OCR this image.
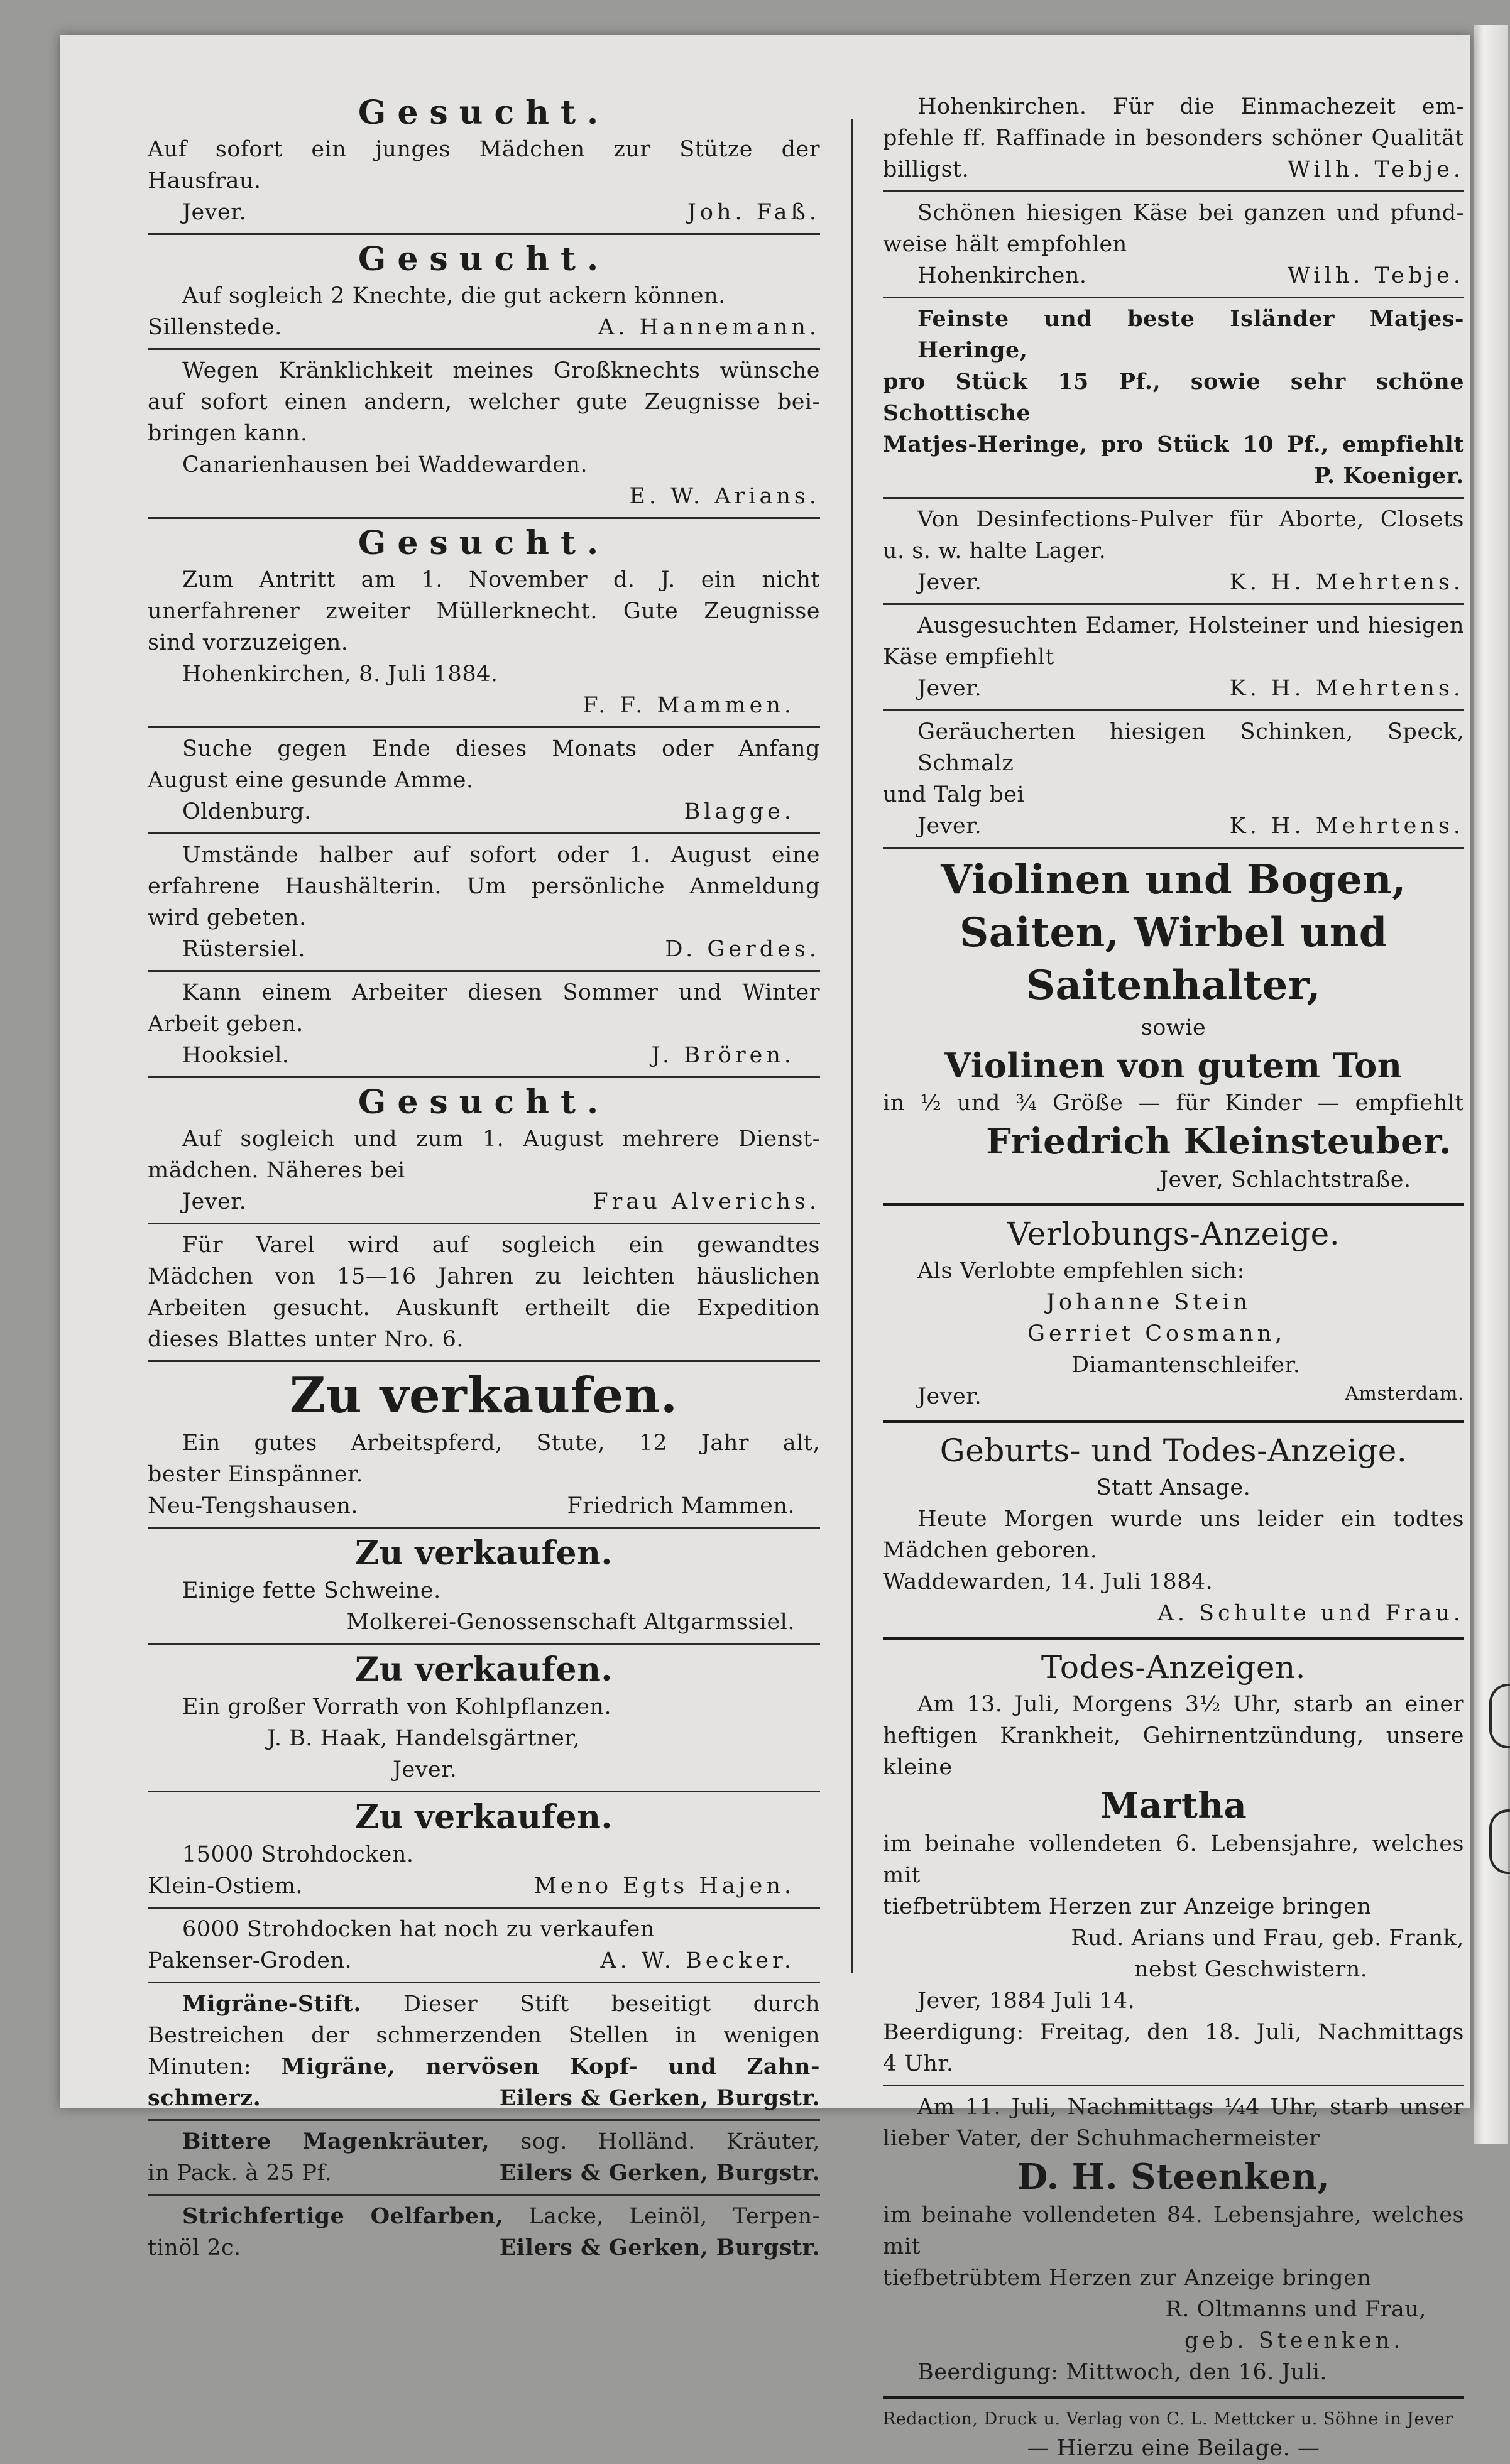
Gesucht.

Auf sofort ein junges Mädchen zur Stütze der

Hausfrau.

Jever.	Joh. Faß.
Gesucht.

Auf sogleich 2 Knechte, die gut ackern können.

Sillenstede.	A. Hannemann.

Wegen Kränklichkeit meines Großknechts wünsche

auf sofort einen andern, welcher gute Zeugnisse bei-

bringen kann.

Canarienhausen bei Waddewarden.

E. W. Arians.

Gesucht.

Zum Antritt am 1. November d. J. ein nicht

unerfahrener zweiter Müllerknecht. Gute Zeugnisse

sind vorzuzeigen.

Hohenkirchen, 8. Juli 1884.

F. F. Mammen.

Suche gegen Ende dieses Monats oder Anfang

August eine gesunde Amme.

Oldenburg.	Blagge.

Umstände halber auf sofort oder 1. August eine

erfahrene Haushälterin. Um persönliche Anmeldung

wird gebeten.

Rüstersiel.	D. Gerdes.

Kann einem Arbeiter diesen Sommer und Winter

Arbeit geben.

Hooksiel.	J. Brören.
Gesucht.

Auf sogleich und zum 1. August mehrere Dienst-

mädchen. Näheres bei

Jever.	Frau Alverichs.

Für Varel wird auf sogleich ein gewandtes

Mädchen von 15—16 Jahren zu leichten häuslichen

Arbeiten gesucht. Auskunft ertheilt die Expedition

dieses Blattes unter Nro. 6.

Zu verkaufen.

Ein gutes Arbeitspferd, Stute, 12 Jahr alt,

bester Einspänner.

Neu-Tengshausen.	Friedrich Mammen.
Zu verkaufen.

Einige fette Schweine.

Molkerei-Genossenschaft Altgarmssiel.

Zu verkaufen.

Ein großer Vorrath von Kohlpflanzen.

J. B. Haak, Handelsgärtner,

Jever.

Zu verkaufen.

15000 Strohdocken.

Klein-Ostiem.	Meno Egts Hajen.

6000 Strohdocken hat noch zu verkaufen

Pakenser-Groden.	A. W. Becker.

Migräne-Stift. Dieser Stift beseitigt durch

Bestreichen der schmerzenden Stellen in wenigen

Minuten: Migräne, nervösen Kopf- und Zahn-

schmerz.	Eilers & Gerken, Burgstr.

Bittere Magenkräuter, sog. Holländ. Kräuter,

in Pack. à 25 Pf.	Eilers & Gerken, Burgstr.

Strichfertige Oelfarben, Lacke, Leinöl, Terpen-

tinöl 2c.	Eilers & Gerken, Burgstr.

Hohenkirchen. Für die Einmachezeit em-

pfehle ff. Raffinade in besonders schöner Qualität

billigst.	Wilh. Tebje.

Schönen hiesigen Käse bei ganzen und pfund-

weise hält empfohlen

Hohenkirchen.	Wilh. Tebje.

Feinste und beste Isländer Matjes-Heringe,

pro Stück 15 Pf., sowie sehr schöne Schottische

Matjes-Heringe, pro Stück 10 Pf., empfiehlt

P. Koeniger.

Von Desinfections-Pulver für Aborte, Closets

u. s. w. halte Lager.

Jever.	K. H. Mehrtens.

Ausgesuchten Edamer, Holsteiner und hiesigen

Käse empfiehlt

Jever.	K. H. Mehrtens.

Geräucherten hiesigen Schinken, Speck, Schmalz

und Talg bei

Jever.	K. H. Mehrtens.
Violinen und Bogen,
Saiten, Wirbel und Saitenhalter,

sowie

Violinen von gutem Ton

in ½ und ¾ Größe — für Kinder — empfiehlt

Friedrich Kleinsteuber.

Jever, Schlachtstraße.

Verlobungs-Anzeige.

Als Verlobte empfehlen sich:

Johanne Stein

Gerriet Cosmann,

Diamantenschleifer.

Jever.	Amsterdam.
Geburts- und Todes-Anzeige.

Statt Ansage.

Heute Morgen wurde uns leider ein todtes

Mädchen geboren.

Waddewarden, 14. Juli 1884.

A. Schulte und Frau.

Todes-Anzeigen.

Am 13. Juli, Morgens 3½ Uhr, starb an einer

heftigen Krankheit, Gehirnentzündung, unsere kleine

Martha

im beinahe vollendeten 6. Lebensjahre, welches mit

tiefbetrübtem Herzen zur Anzeige bringen

Rud. Arians und Frau, geb. Frank,

nebst Geschwistern.

Jever, 1884 Juli 14.

Beerdigung: Freitag, den 18. Juli, Nachmittags

4 Uhr.

Am 11. Juli, Nachmittags ¼4 Uhr, starb unser

lieber Vater, der Schuhmachermeister

D. H. Steenken,

im beinahe vollendeten 84. Lebensjahre, welches mit

tiefbetrübtem Herzen zur Anzeige bringen

R. Oltmanns und Frau,

geb. Steenken.

Beerdigung: Mittwoch, den 16. Juli.

Redaction, Druck u. Verlag von C. L. Mettcker u. Söhne in Jever

— Hierzu eine Beilage. —
